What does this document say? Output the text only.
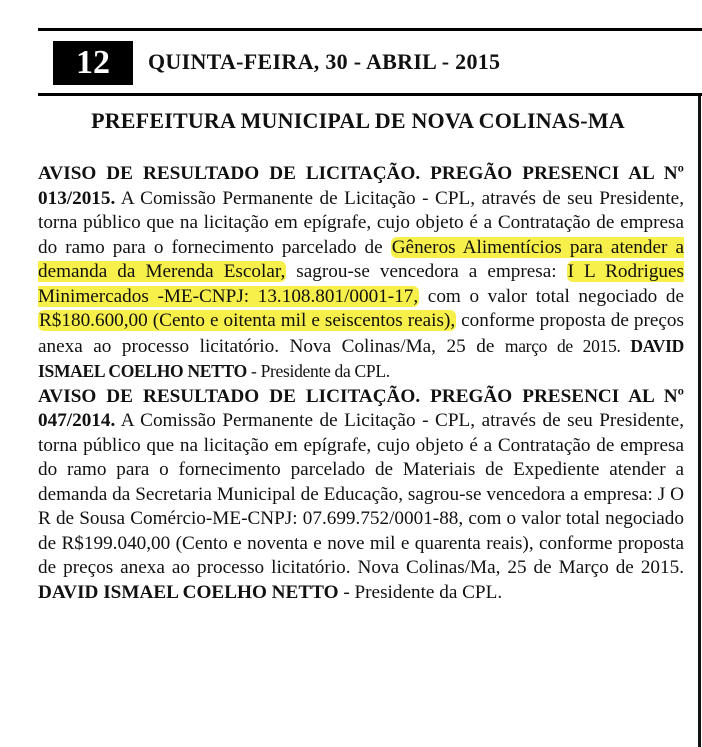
12	QUINTA-FEIRA, 30 - ABRIL - 2015
PREFEITURA MUNICIPAL DE NOVA COLINAS-MA

AVISO DE RESULTADO DE LICITAÇÃO. PREGÃO PRESENCI AL Nº 013/2015. A Comissão Permanente de Licitação - CPL, através de seu Presidente, torna público que na licitação em epígrafe, cujo objeto é a Contratação de empresa do ramo para o fornecimento parcelado de Gêneros Alimentícios para atender a demanda da Merenda Escolar, sagrou-se vencedora a empresa: I L Rodrigues Minimercados -ME-CNPJ: 13.108.801/0001-17, com o valor total negociado de R$180.600,00 (Cento e oitenta mil e seiscentos reais), conforme proposta de preços anexa ao processo licitatório. Nova Colinas/Ma, 25 de março de 2015. DAVID ISMAEL COELHO NETTO - Presidente da CPL.

AVISO DE RESULTADO DE LICITAÇÃO. PREGÃO PRESENCI AL Nº 047/2014. A Comissão Permanente de Licitação - CPL, através de seu Presidente, torna público que na licitação em epígrafe, cujo objeto é a Contratação de empresa do ramo para o fornecimento parcelado de Materiais de Expediente atender a demanda da Secretaria Municipal de Educação, sagrou-se vencedora a empresa: J O R de Sousa Comércio-ME-CNPJ: 07.699.752/0001-88, com o valor total negociado de R$199.040,00 (Cento e noventa e nove mil e quarenta reais), conforme proposta de preços anexa ao processo licitatório. Nova Colinas/Ma, 25 de Março de 2015. DAVID ISMAEL COELHO NETTO - Presidente da CPL.
